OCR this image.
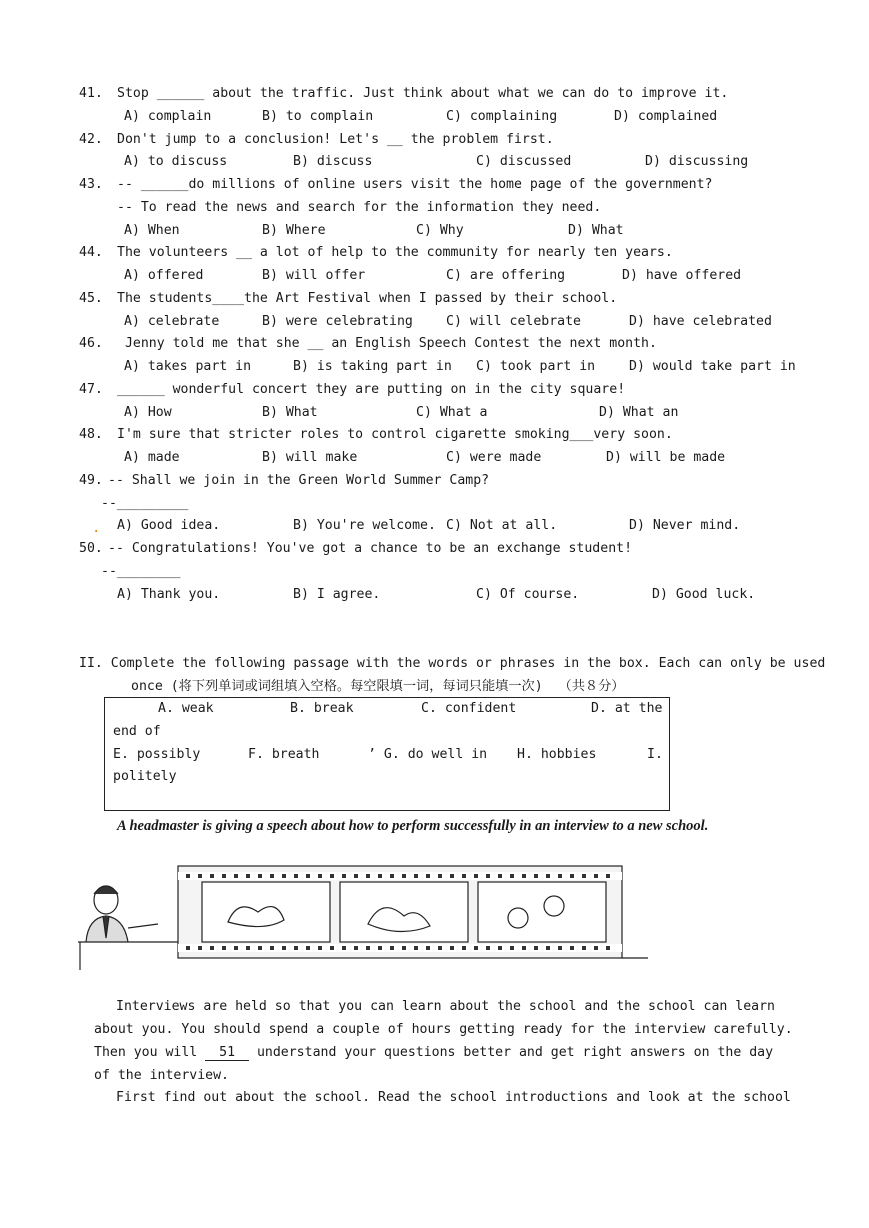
.
41. Stop ______ about the traffic. Just think about what we can do to improve it.
A) complain	B) to complain	C) complaining	D) complained
42. Don't jump to a conclusion! Let's __ the problem first.
A) to discuss	B) discuss	C) discussed	D) discussing
43. -- ______do millions of online users visit the home page of the government?
-- To read the news and search for the information they need.
A) When	B) Where	C) Why	D) What
44. The volunteers __ a lot of help to the community for nearly ten years.
A) offered	B) will offer	C) are offering	D) have offered
45. The students____the Art Festival when I passed by their school.
A) celebrate	B) were celebrating	C) will celebrate	D) have celebrated
46. Jenny told me that she __ an English Speech Contest the next month.
A) takes part in	B) is taking part in C) took part in	D) would take part in
47. ______ wonderful concert they are putting on in the city square!
A) How	B) What	C) What a	D) What an
48. I'm sure that stricter roles to control cigarette smoking___very soon.
A) made	B) will make	C) were made	D) will be made
49. -- Shall we join in the Green World Summer Camp?
--_________
A) Good idea.	B) You're welcome. C) Not at all.	D) Never mind.
50. -- Congratulations! You've got a chance to be an exchange student!
--________
A) Thank you.	B) I agree.	C) Of course.	D) Good luck.
II. Complete the following passage with the words or phrases in the box. Each can only be used
once (将下列单词或词组填入空格。每空限填一词，每词只能填一次)  （共８分）
A. weak	B. break	C. confident	D. at the
end of
E. possibly	F. breath	’ G. do well in H. hobbies	I.
politely
A headmaster is giving a speech about how to perform successfully in an interview to a new school.
Interviews are held so that you can learn about the school and the school can learn about you. You should spend a couple of hours getting ready for the interview carefully. Then you will 51 understand your questions better and get right answers on the day of the interview.
First find out about the school. Read the school introductions and look at the school
